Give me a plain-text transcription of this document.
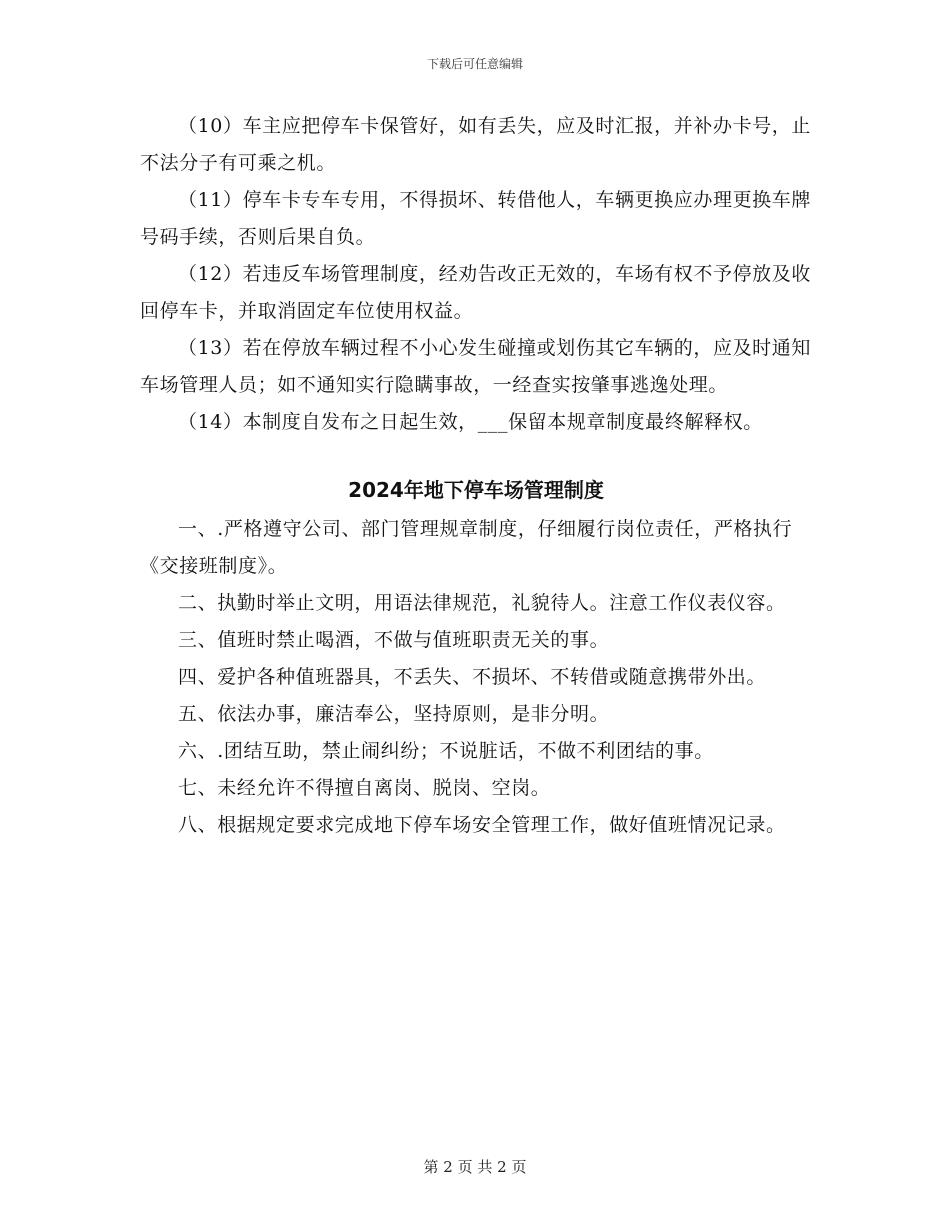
下载后可任意编辑

（10）车主应把停车卡保管好，如有丢失，应及时汇报，并补办卡号，止不法分子有可乘之机。

（11）停车卡专车专用，不得损坏、转借他人，车辆更换应办理更换车牌号码手续，否则后果自负。

（12）若违反车场管理制度，经劝告改正无效的，车场有权不予停放及收回停车卡，并取消固定车位使用权益。

（13）若在停放车辆过程不小心发生碰撞或划伤其它车辆的，应及时通知车场管理人员；如不通知实行隐瞒事故，一经查实按肇事逃逸处理。

（14）本制度自发布之日起生效，___保留本规章制度最终解释权。

2024年地下停车场管理制度

一、.严格遵守公司、部门管理规章制度，仔细履行岗位责任，严格执行《交接班制度》。

二、执勤时举止文明，用语法律规范，礼貌待人。注意工作仪表仪容。

三、值班时禁止喝酒，不做与值班职责无关的事。

四、爱护各种值班器具，不丢失、不损坏、不转借或随意携带外出。

五、依法办事，廉洁奉公，坚持原则，是非分明。

六、.团结互助，禁止闹纠纷；不说脏话，不做不利团结的事。

七、未经允许不得擅自离岗、脱岗、空岗。

八、根据规定要求完成地下停车场安全管理工作，做好值班情况记录。

第 2 页 共 2 页
